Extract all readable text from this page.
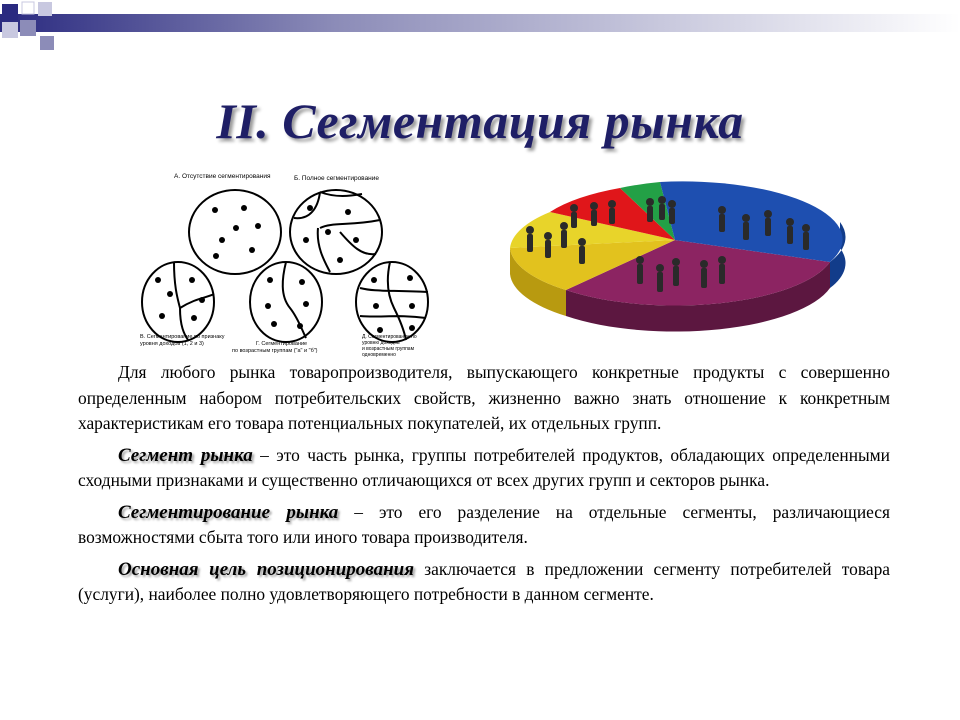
II. Сегментация рынка
А. Отсутствие сегментирования	Б. Полное сегментирование
В. Сегментирование по признаку
уровня доходов (1, 2 и 3)	Г. Сегментирование
по возрастным группам ("а" и "б")
Д. Сегментирование по
уровню доходов
и возрастным группам
одновременно

Для любого рынка товаропроизводителя, выпускающего конкретные продукты с совершенно определенным набором потребительских свойств, жизненно важно знать отношение к конкретным характеристикам его товара потенциальных покупателей, их отдельных групп.

Сегмент рынка – это часть рынка, группы потребителей продуктов, обладающих определенными сходными признаками и существенно отличающихся от всех других групп и секторов рынка.

Сегментирование рынка – это его разделение на отдельные сегменты, различающиеся возможностями сбыта того или иного товара производителя.

Основная цель позиционирования заключается в предложении сегменту потребителей товара (услуги), наиболее полно удовлетворяющего потребности в данном сегменте.
